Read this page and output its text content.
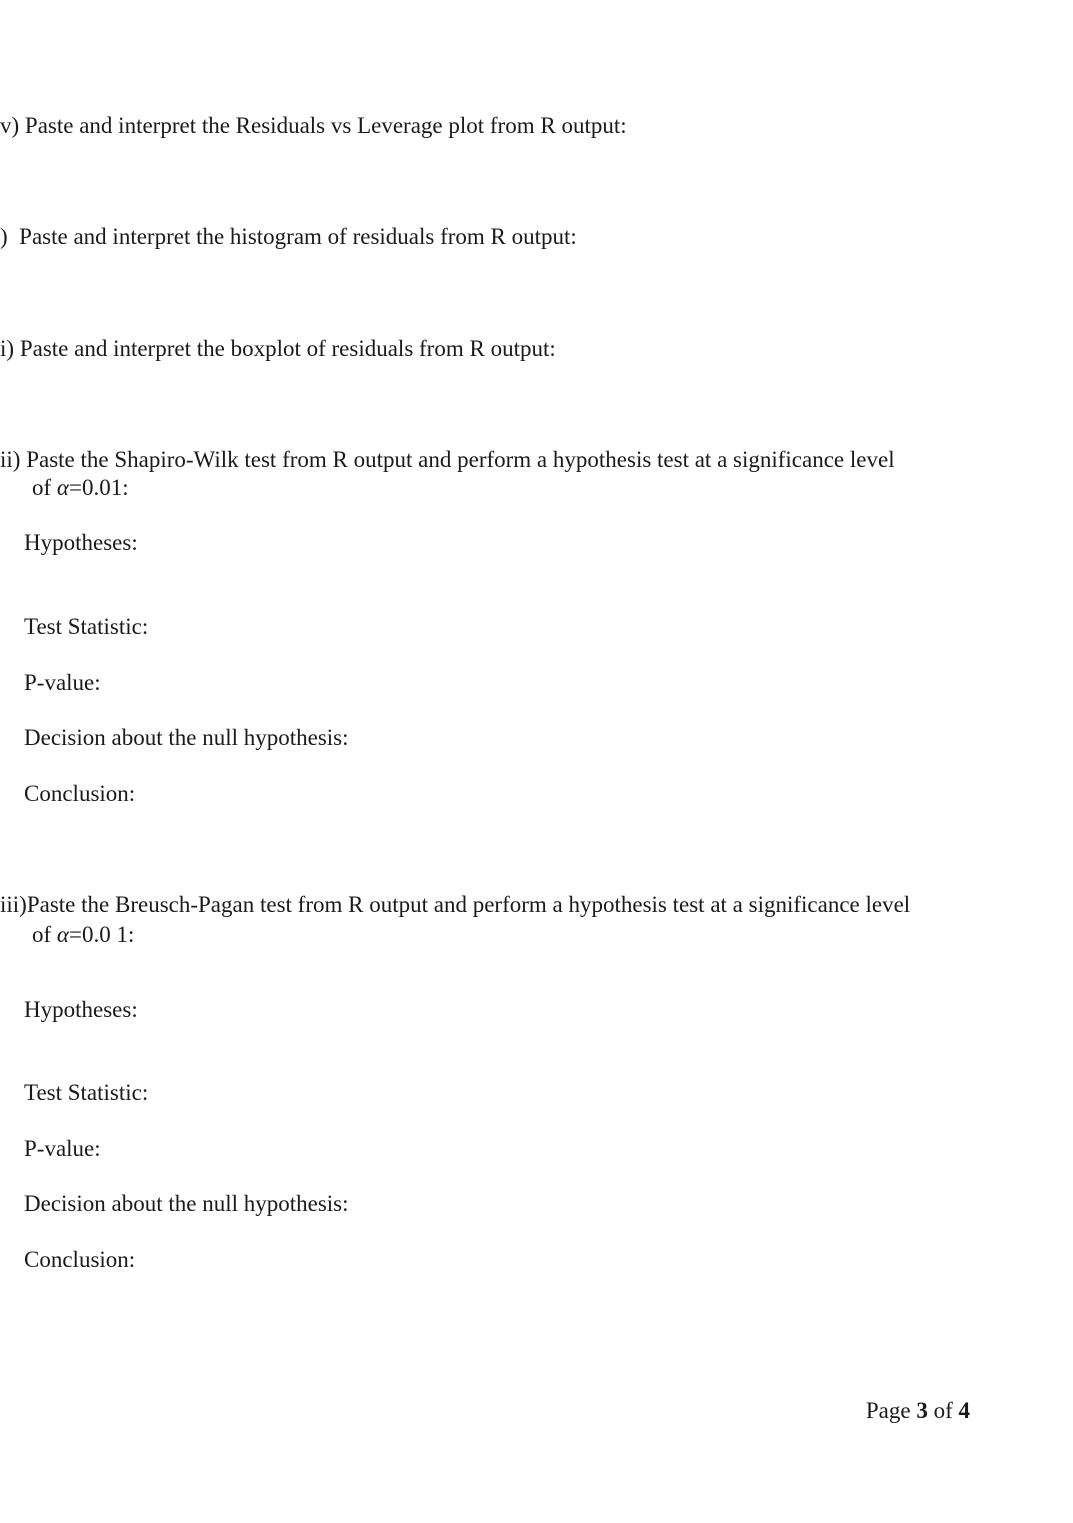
v) Paste and interpret the Residuals vs Leverage plot from R output:
) Paste and interpret the histogram of residuals from R output:
i) Paste and interpret the boxplot of residuals from R output:
ii) Paste the Shapiro-Wilk test from R output and perform a hypothesis test at a significance level
of α=0.01:
Hypotheses:
Test Statistic:
P-value:
Decision about the null hypothesis:
Conclusion:
iii)Paste the Breusch-Pagan test from R output and perform a hypothesis test at a significance level
of α=0.0 1:
Hypotheses:
Test Statistic:
P-value:
Decision about the null hypothesis:
Conclusion:
Page 3 of 4
